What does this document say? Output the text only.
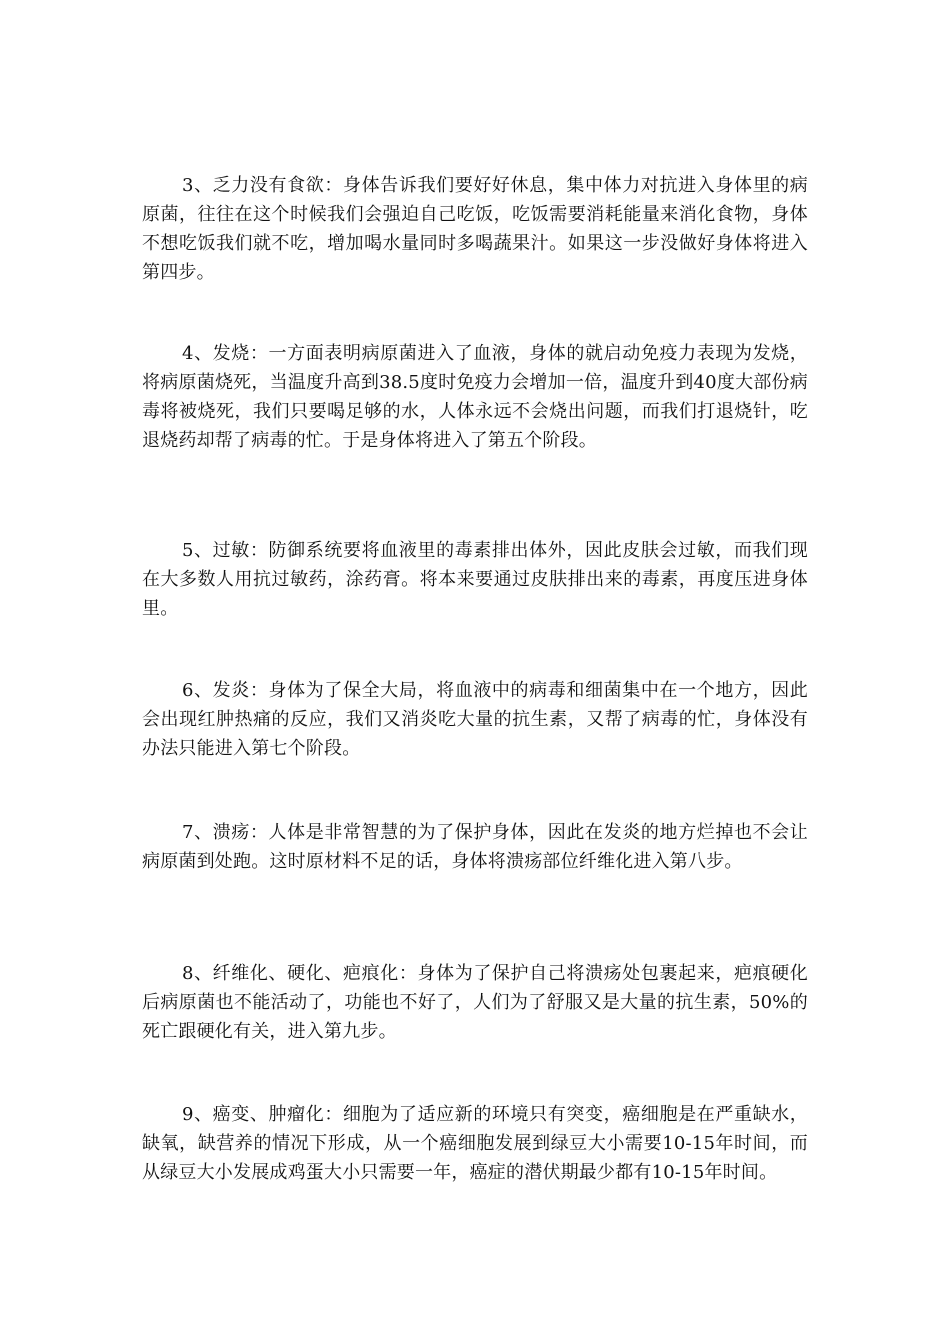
3、乏力没有食欲：身体告诉我们要好好休息，集中体力对抗进入身体里的病原菌，往往在这个时候我们会强迫自己吃饭，吃饭需要消耗能量来消化食物，身体不想吃饭我们就不吃，增加喝水量同时多喝蔬果汁。如果这一步没做好身体将进入第四步。

4、发烧：一方面表明病原菌进入了血液，身体的就启动免疫力表现为发烧，将病原菌烧死，当温度升高到38.5度时免疫力会增加一倍，温度升到40度大部份病毒将被烧死，我们只要喝足够的水，人体永远不会烧出问题，而我们打退烧针，吃退烧药却帮了病毒的忙。于是身体将进入了第五个阶段。

5、过敏：防御系统要将血液里的毒素排出体外，因此皮肤会过敏，而我们现在大多数人用抗过敏药，涂药膏。将本来要通过皮肤排出来的毒素，再度压进身体里。

6、发炎：身体为了保全大局，将血液中的病毒和细菌集中在一个地方，因此会出现红肿热痛的反应，我们又消炎吃大量的抗生素，又帮了病毒的忙，身体没有办法只能进入第七个阶段。

7、溃疡：人体是非常智慧的为了保护身体，因此在发炎的地方烂掉也不会让病原菌到处跑。这时原材料不足的话，身体将溃疡部位纤维化进入第八步。

8、纤维化、硬化、疤痕化：身体为了保护自己将溃疡处包裹起来，疤痕硬化后病原菌也不能活动了，功能也不好了，人们为了舒服又是大量的抗生素，50%的死亡跟硬化有关，进入第九步。

9、癌变、肿瘤化：细胞为了适应新的环境只有突变，癌细胞是在严重缺水，缺氧，缺营养的情况下形成，从一个癌细胞发展到绿豆大小需要10-15年时间，而从绿豆大小发展成鸡蛋大小只需要一年，癌症的潜伏期最少都有10-15年时间。
